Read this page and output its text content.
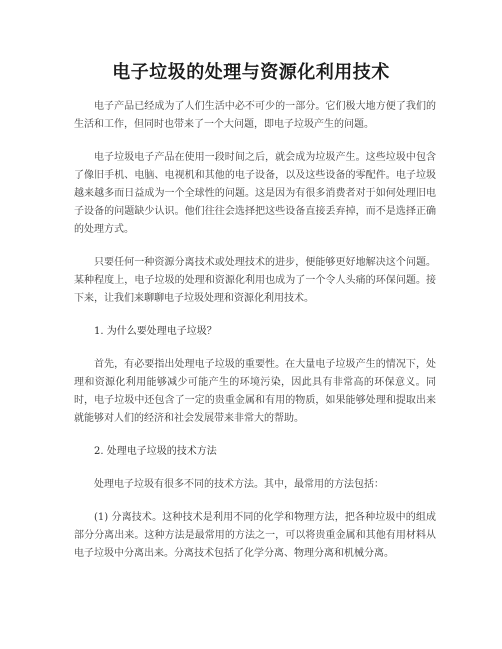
电子垃圾的处理与资源化利用技术

电子产品已经成为了人们生活中必不可少的一部分。它们极大地方便了我们的生活和工作，但同时也带来了一个大问题，即电子垃圾产生的问题。

电子垃圾电子产品在使用一段时间之后，就会成为垃圾产生。这些垃圾中包含了像旧手机、电脑、电视机和其他的电子设备，以及这些设备的零配件。电子垃圾越来越多而日益成为一个全球性的问题。这是因为有很多消费者对于如何处理旧电子设备的问题缺少认识。他们往往会选择把这些设备直接丢弃掉，而不是选择正确的处理方式。

只要任何一种资源分离技术或处理技术的进步，便能够更好地解决这个问题。某种程度上，电子垃圾的处理和资源化利用也成为了一个令人头痛的环保问题。接下来，让我们来聊聊电子垃圾处理和资源化利用技术。

1. 为什么要处理电子垃圾？

首先，有必要指出处理电子垃圾的重要性。在大量电子垃圾产生的情况下，处理和资源化利用能够减少可能产生的环境污染，因此具有非常高的环保意义。同时，电子垃圾中还包含了一定的贵重金属和有用的物质，如果能够处理和提取出来就能够对人们的经济和社会发展带来非常大的帮助。

2. 处理电子垃圾的技术方法

处理电子垃圾有很多不同的技术方法。其中，最常用的方法包括：

(1) 分离技术。这种技术是利用不同的化学和物理方法，把各种垃圾中的组成部分分离出来。这种方法是最常用的方法之一，可以将贵重金属和其他有用材料从电子垃圾中分离出来。分离技术包括了化学分离、物理分离和机械分离。
